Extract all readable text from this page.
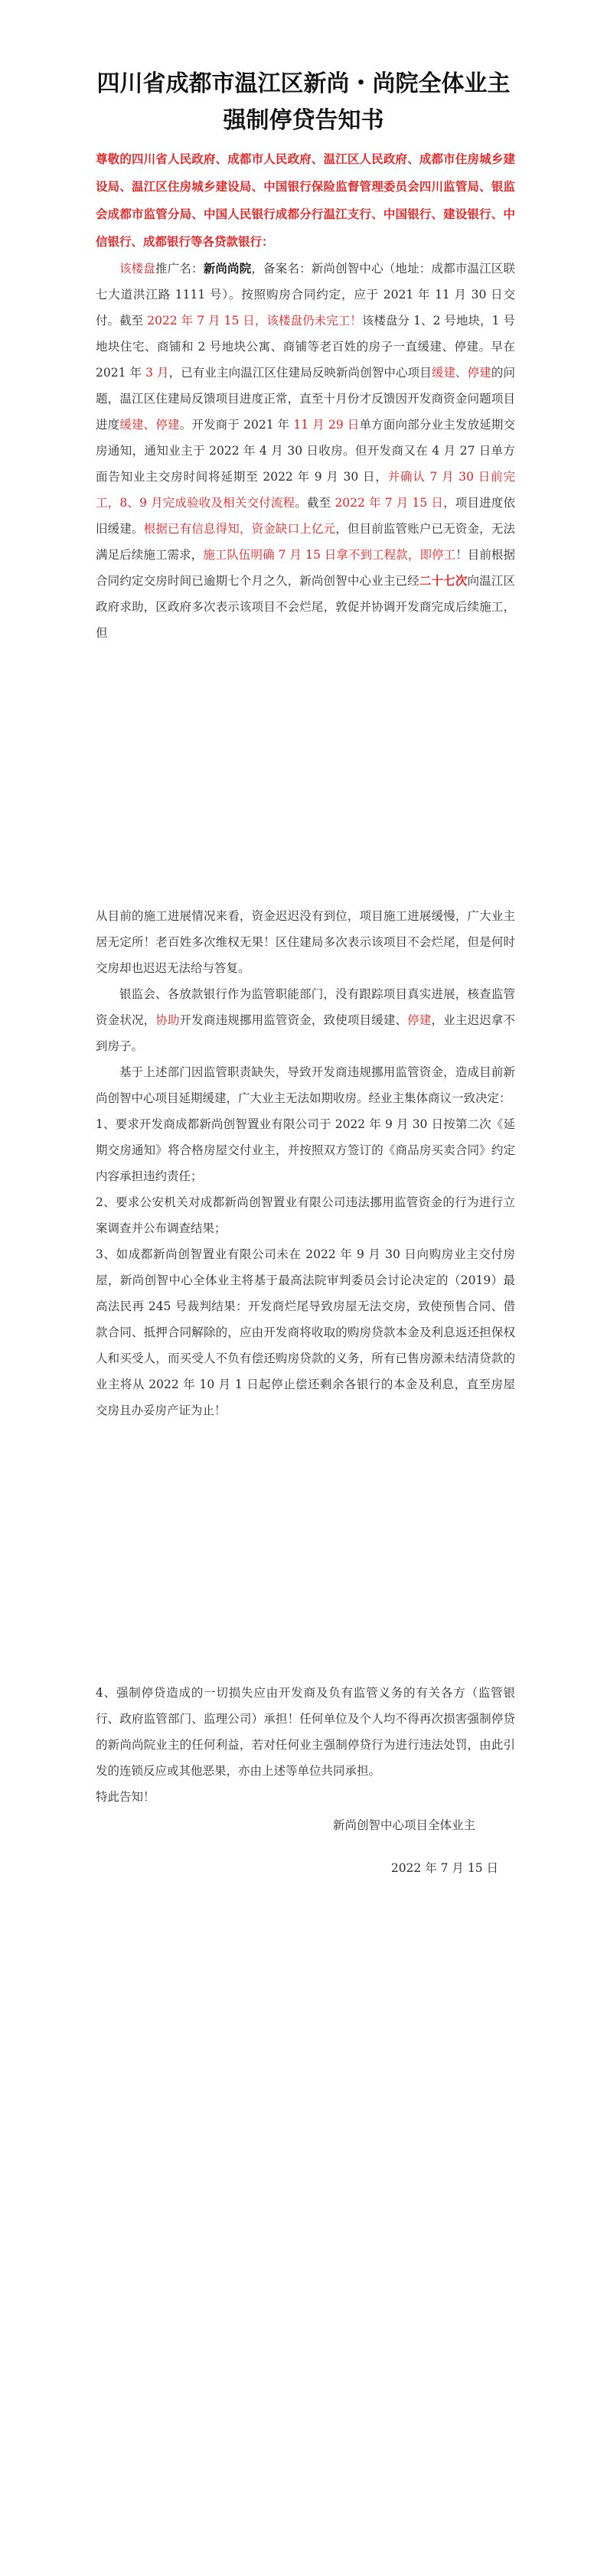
四川省成都市温江区新尚・尚院全体业主
强制停贷告知书

尊敬的四川省人民政府、成都市人民政府、温江区人民政府、成都市住房城乡建设局、温江区住房城乡建设局、中国银行保险监督管理委员会四川监管局、银监会成都市监管分局、中国人民银行成都分行温江支行、中国银行、建设银行、中信银行、成都银行等各贷款银行：

该楼盘推广名：新尚尚院，备案名：新尚创智中心（地址：成都市温江区联七大道洪江路 1111 号）。按照购房合同约定，应于 2021 年 11 月 30 日交付。截至 2022 年 7 月 15 日，该楼盘仍未完工！该楼盘分 1、2 号地块，1 号地块住宅、商铺和 2 号地块公寓、商铺等老百姓的房子一直缓建、停建。早在 2021 年 3 月，已有业主向温江区住建局反映新尚创智中心项目缓建、停建的问题，温江区住建局反馈项目进度正常，直至十月份才反馈因开发商资金问题项目进度缓建、停建。开发商于 2021 年 11 月 29 日单方面向部分业主发放延期交房通知，通知业主于 2022 年 4 月 30 日收房。但开发商又在 4 月 27 日单方面告知业主交房时间将延期至 2022 年 9 月 30 日，并确认 7 月 30 日前完工，8、9 月完成验收及相关交付流程。截至 2022 年 7 月 15 日，项目进度依旧缓建。根据已有信息得知，资金缺口上亿元，但目前监管账户已无资金，无法满足后续施工需求，施工队伍明确 7 月 15 日拿不到工程款，即停工！目前根据合同约定交房时间已逾期七个月之久，新尚创智中心业主已经二十七次向温江区政府求助，区政府多次表示该项目不会烂尾，敦促并协调开发商完成后续施工，但

从目前的施工进展情况来看，资金迟迟没有到位，项目施工进展缓慢，广大业主居无定所！老百姓多次维权无果！区住建局多次表示该项目不会烂尾，但是何时交房却也迟迟无法给与答复。

银监会、各放款银行作为监管职能部门，没有跟踪项目真实进展，核查监管资金状况，协助开发商违规挪用监管资金，致使项目缓建、停建，业主迟迟拿不到房子。

基于上述部门因监管职责缺失，导致开发商违规挪用监管资金，造成目前新尚创智中心项目延期缓建，广大业主无法如期收房。经业主集体商议一致决定：

1、要求开发商成都新尚创智置业有限公司于 2022 年 9 月 30 日按第二次《延期交房通知》将合格房屋交付业主，并按照双方签订的《商品房买卖合同》约定内容承担违约责任；

2、要求公安机关对成都新尚创智置业有限公司违法挪用监管资金的行为进行立案调查并公布调查结果；

3、如成都新尚创智置业有限公司未在 2022 年 9 月 30 日向购房业主交付房屋，新尚创智中心全体业主将基于最高法院审判委员会讨论决定的（2019）最高法民再 245 号裁判结果：开发商烂尾导致房屋无法交房，致使预售合同、借款合同、抵押合同解除的，应由开发商将收取的购房贷款本金及利息返还担保权人和买受人，而买受人不负有偿还购房贷款的义务，所有已售房源未结清贷款的业主将从 2022 年 10 月 1 日起停止偿还剩余各银行的本金及利息，直至房屋交房且办妥房产证为止！

4、强制停贷造成的一切损失应由开发商及负有监管义务的有关各方（监管银行、政府监管部门、监理公司）承担！任何单位及个人均不得再次损害强制停贷的新尚尚院业主的任何利益，若对任何业主强制停贷行为进行违法处罚，由此引发的连锁反应或其他恶果，亦由上述等单位共同承担。

特此告知！

新尚创智中心项目全体业主
2022 年 7 月 15 日
